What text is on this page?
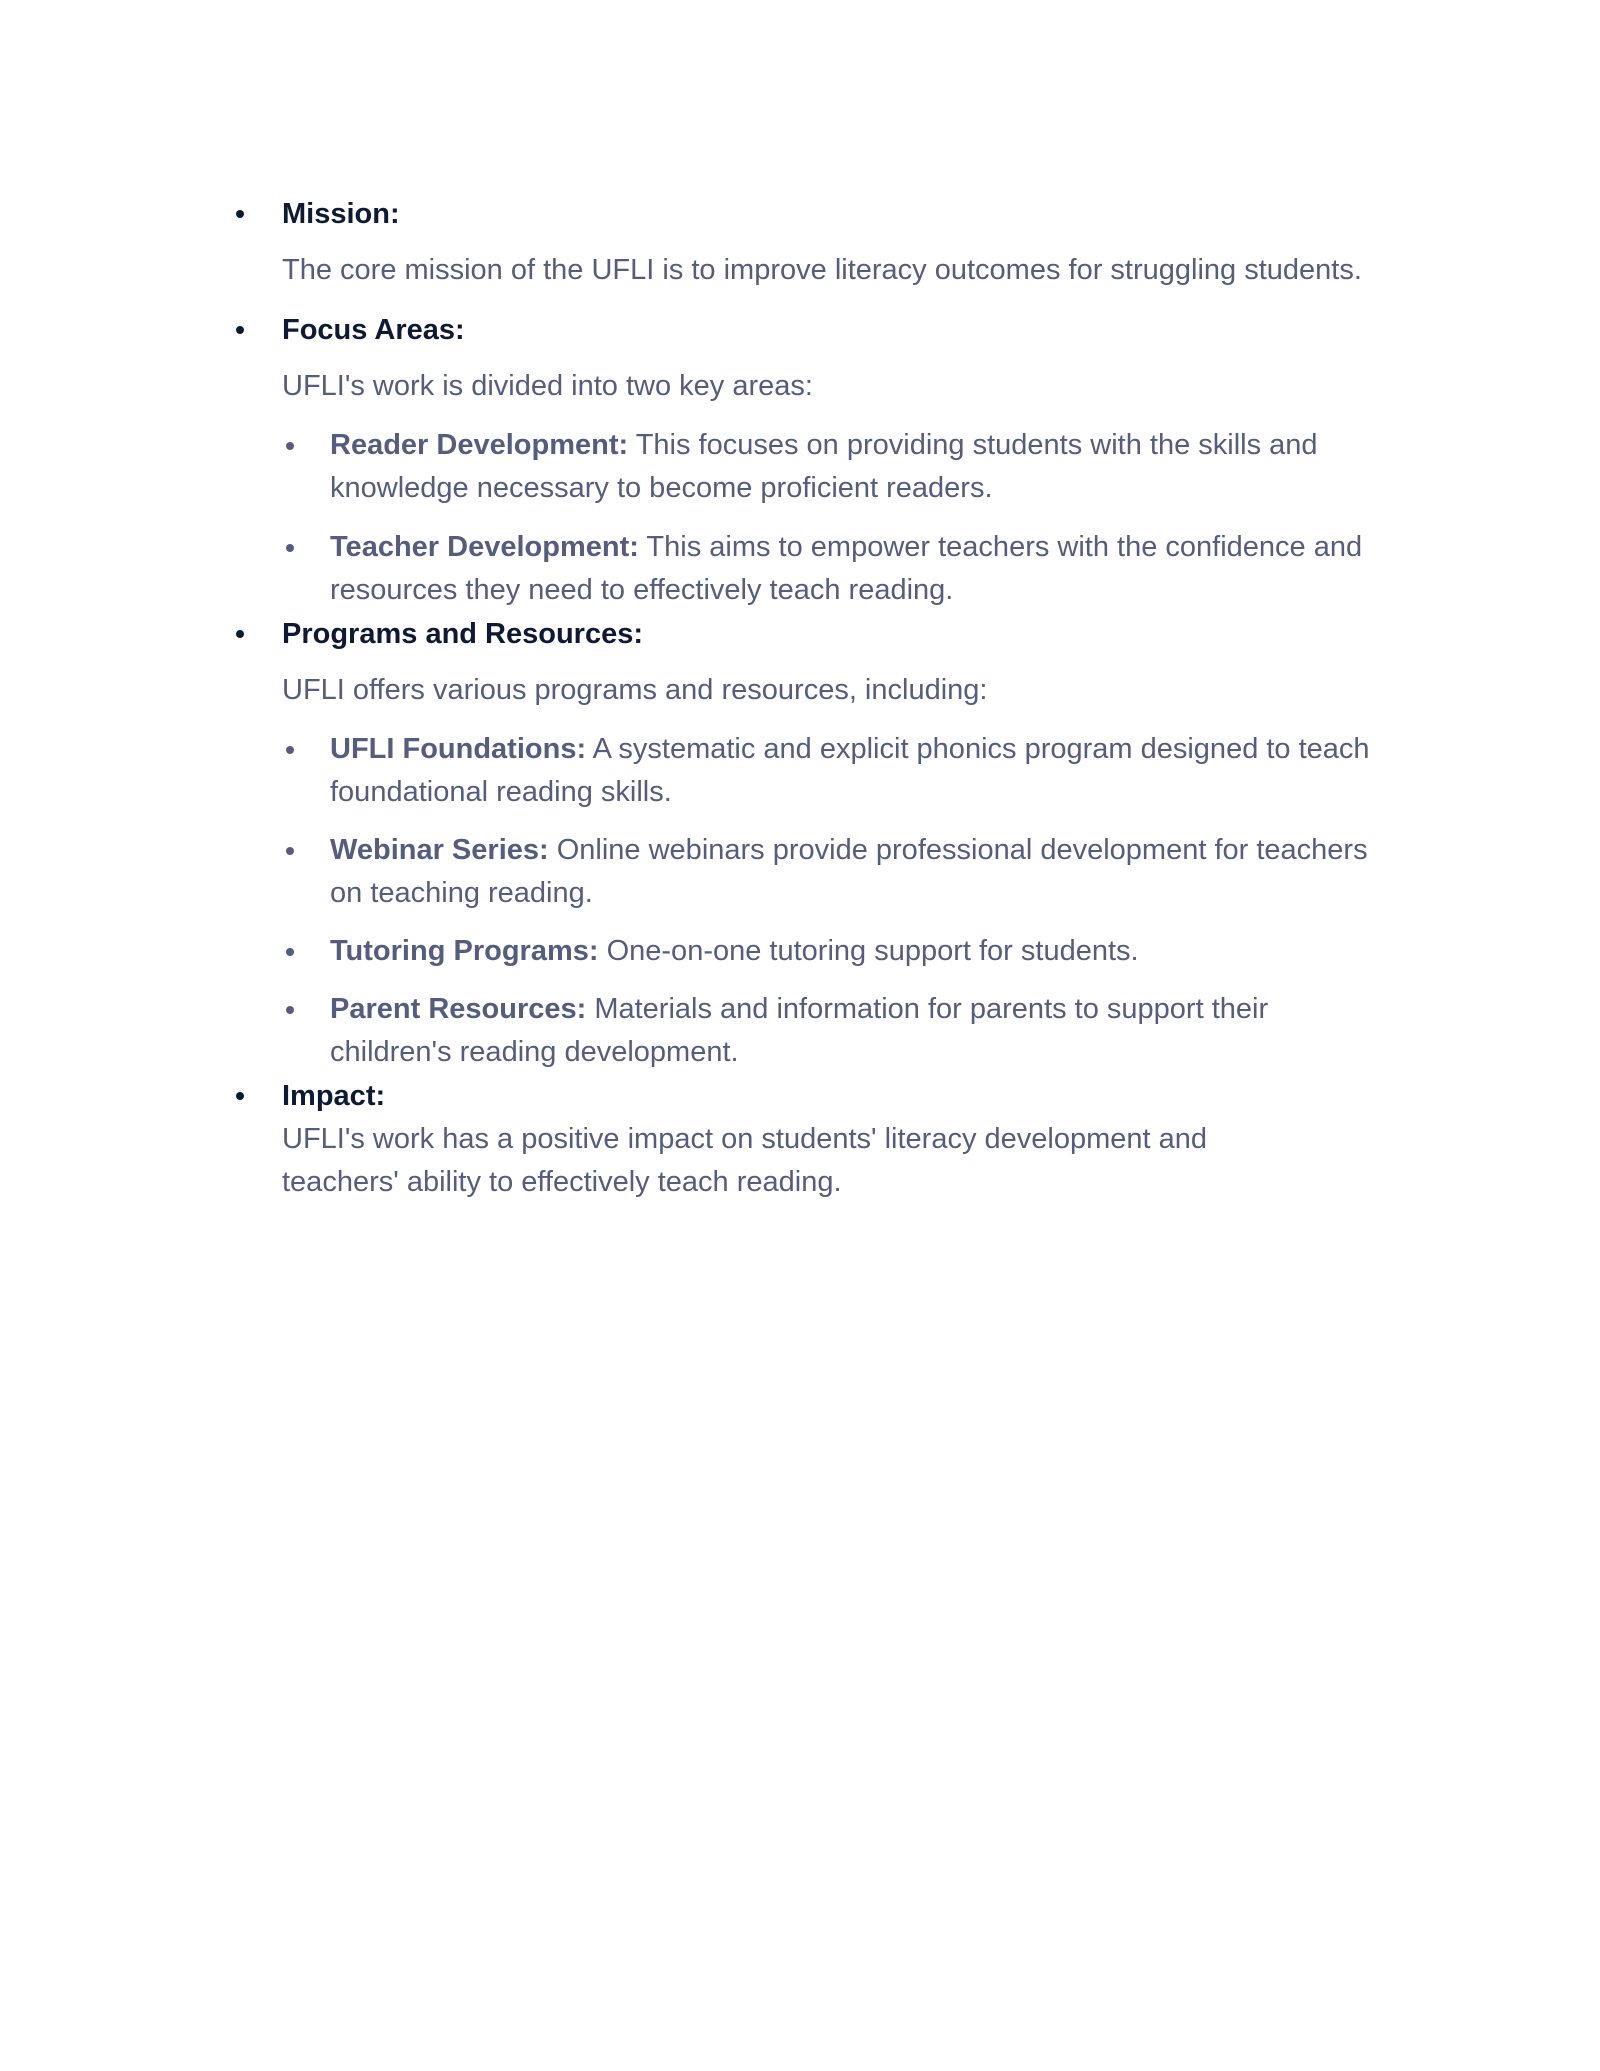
Mission:

The core mission of the UFLI is to improve literacy outcomes for struggling students.

Focus Areas:

UFLI's work is divided into two key areas:

Reader Development: This focuses on providing students with the skills and knowledge necessary to become proficient readers.
Teacher Development: This aims to empower teachers with the confidence and resources they need to effectively teach reading.

Programs and Resources:

UFLI offers various programs and resources, including:

UFLI Foundations: A systematic and explicit phonics program designed to teach foundational reading skills.
Webinar Series: Online webinars provide professional development for teachers on teaching reading.
Tutoring Programs: One-on-one tutoring support for students.
Parent Resources: Materials and information for parents to support their children's reading development.

Impact:

UFLI's work has a positive impact on students' literacy development and teachers' ability to effectively teach reading.
